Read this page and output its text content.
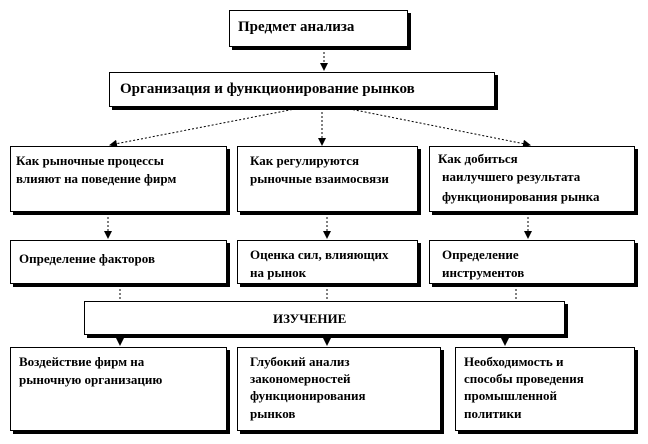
Предмет анализа
Организация и функционирование рынков
Как рыночные процессы
влияют на поведение фирм
Как регулируются
рыночные взаимосвязи
Как добиться
наилучшего результата
функционирования рынка
Определение факторов	Оценка сил, влияющих
на рынок
Определение
инструментов
ИЗУЧЕНИЕ
Воздействие фирм на
рыночную организацию
Глубокий анализ
закономерностей
функционирования
рынков
Необходимость и
способы проведения
промышленной
политики
